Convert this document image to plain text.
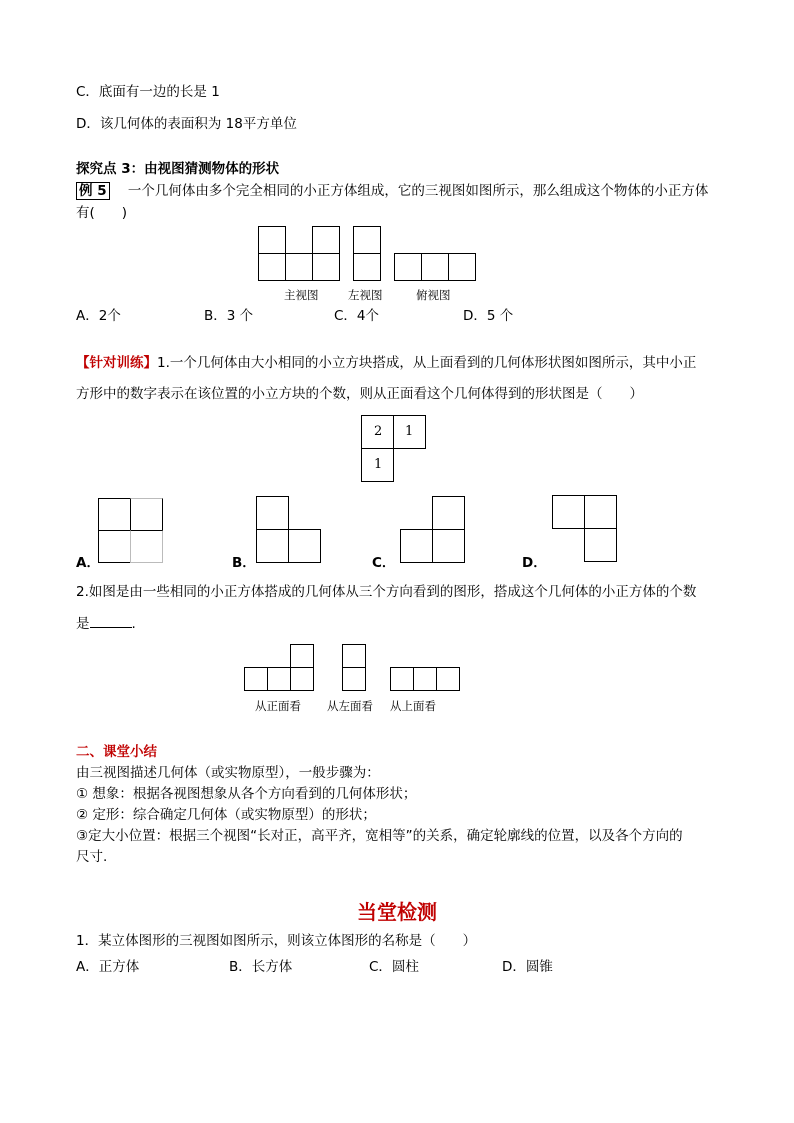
C．底面有一边的长是 1
D．该几何体的表面积为 18平方单位
探究点 3：由视图猜测物体的形状
例 5 一个几何体由多个完全相同的小正方体组成，它的三视图如图所示，那么组成这个物体的小正方体
有(　　)
主视图	左视图	俯视图
A．2个	B．3 个	C．4个	D．5 个
【针对训练】1.一个几何体由大小相同的小立方块搭成，从上面看到的几何体形状图如图所示，其中小正
方形中的数字表示在该位置的小立方块的个数，则从正面看这个几何体得到的形状图是（　　）
2 1
1
A．	B．	C．	D．
2.如图是由一些相同的小正方体搭成的几何体从三个方向看到的图形，搭成这个几何体的小正方体的个数
是	.
从正面看 从左面看 从上面看
二、课堂小结
由三视图描述几何体（或实物原型），一般步骤为：
① 想象：根据各视图想象从各个方向看到的几何体形状；
② 定形：综合确定几何体（或实物原型）的形状；
③定大小位置：根据三个视图“长对正，高平齐，宽相等”的关系，确定轮廓线的位置，以及各个方向的
尺寸.
当堂检测
1．某立体图形的三视图如图所示，则该立体图形的名称是（　　）
A．正方体	B．长方体	C．圆柱	D．圆锥
